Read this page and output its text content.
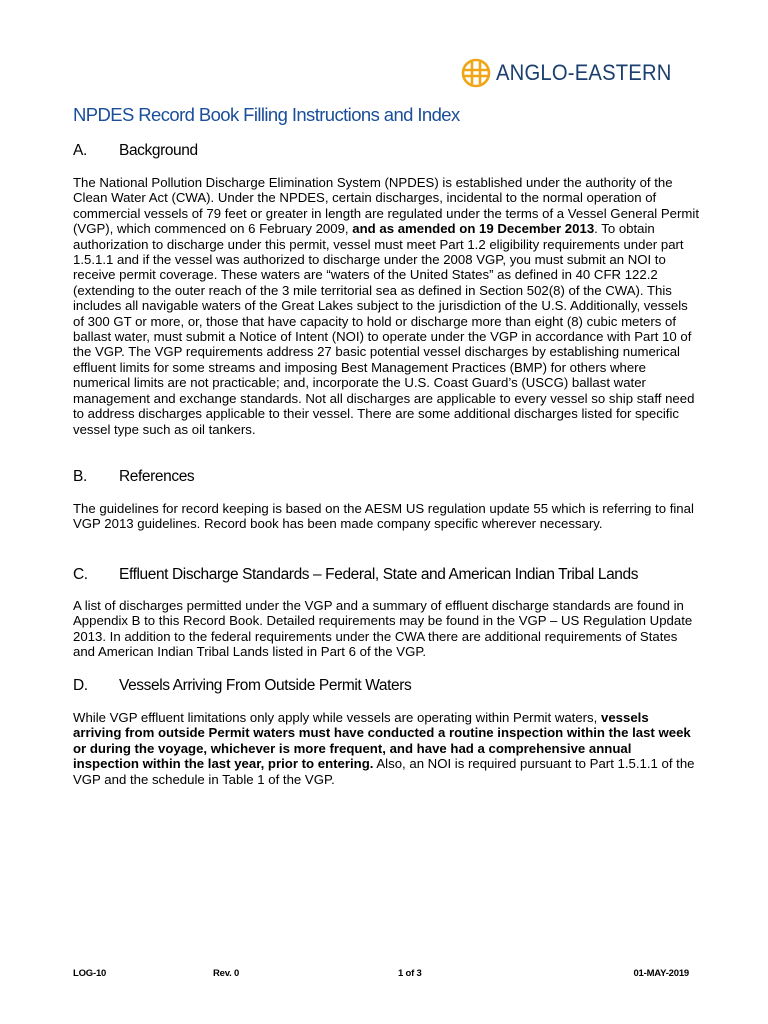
ANGLO-EASTERN
NPDES Record Book Filling Instructions and Index
A. Background

The National Pollution Discharge Elimination System (NPDES) is established under the authority of the Clean Water Act (CWA). Under the NPDES, certain discharges, incidental to the normal operation of commercial vessels of 79 feet or greater in length are regulated under the terms of a Vessel General Permit (VGP), which commenced on 6 February 2009, and as amended on 19 December 2013. To obtain authorization to discharge under this permit, vessel must meet Part 1.2 eligibility requirements under part 1.5.1.1 and if the vessel was authorized to discharge under the 2008 VGP, you must submit an NOI to receive permit coverage. These waters are “waters of the United States” as defined in 40 CFR 122.2 (extending to the outer reach of the 3 mile territorial sea as defined in Section 502(8) of the CWA). This includes all navigable waters of the Great Lakes subject to the jurisdiction of the U.S. Additionally, vessels of 300 GT or more, or, those that have capacity to hold or discharge more than eight (8) cubic meters of ballast water, must submit a Notice of Intent (NOI) to operate under the VGP in accordance with Part 10 of the VGP. The VGP requirements address 27 basic potential vessel discharges by establishing numerical effluent limits for some streams and imposing Best Management Practices (BMP) for others where numerical limits are not practicable; and, incorporate the U.S. Coast Guard’s (USCG) ballast water management and exchange standards. Not all discharges are applicable to every vessel so ship staff need to address discharges applicable to their vessel. There are some additional discharges listed for specific vessel type such as oil tankers.

B. References

The guidelines for record keeping is based on the AESM US regulation update 55 which is referring to final VGP 2013 guidelines. Record book has been made company specific wherever necessary.

C. Effluent Discharge Standards – Federal, State and American Indian Tribal Lands

A list of discharges permitted under the VGP and a summary of effluent discharge standards are found in Appendix B to this Record Book. Detailed requirements may be found in the VGP – US Regulation Update 2013. In addition to the federal requirements under the CWA there are additional requirements of States and American Indian Tribal Lands listed in Part 6 of the VGP.

D. Vessels Arriving From Outside Permit Waters

While VGP effluent limitations only apply while vessels are operating within Permit waters, vessels arriving from outside Permit waters must have conducted a routine inspection within the last week or during the voyage, whichever is more frequent, and have had a comprehensive annual inspection within the last year, prior to entering. Also, an NOI is required pursuant to Part 1.5.1.1 of the VGP and the schedule in Table 1 of the VGP.

LOG-10	Rev. 0	1 of 3	01-MAY-2019
